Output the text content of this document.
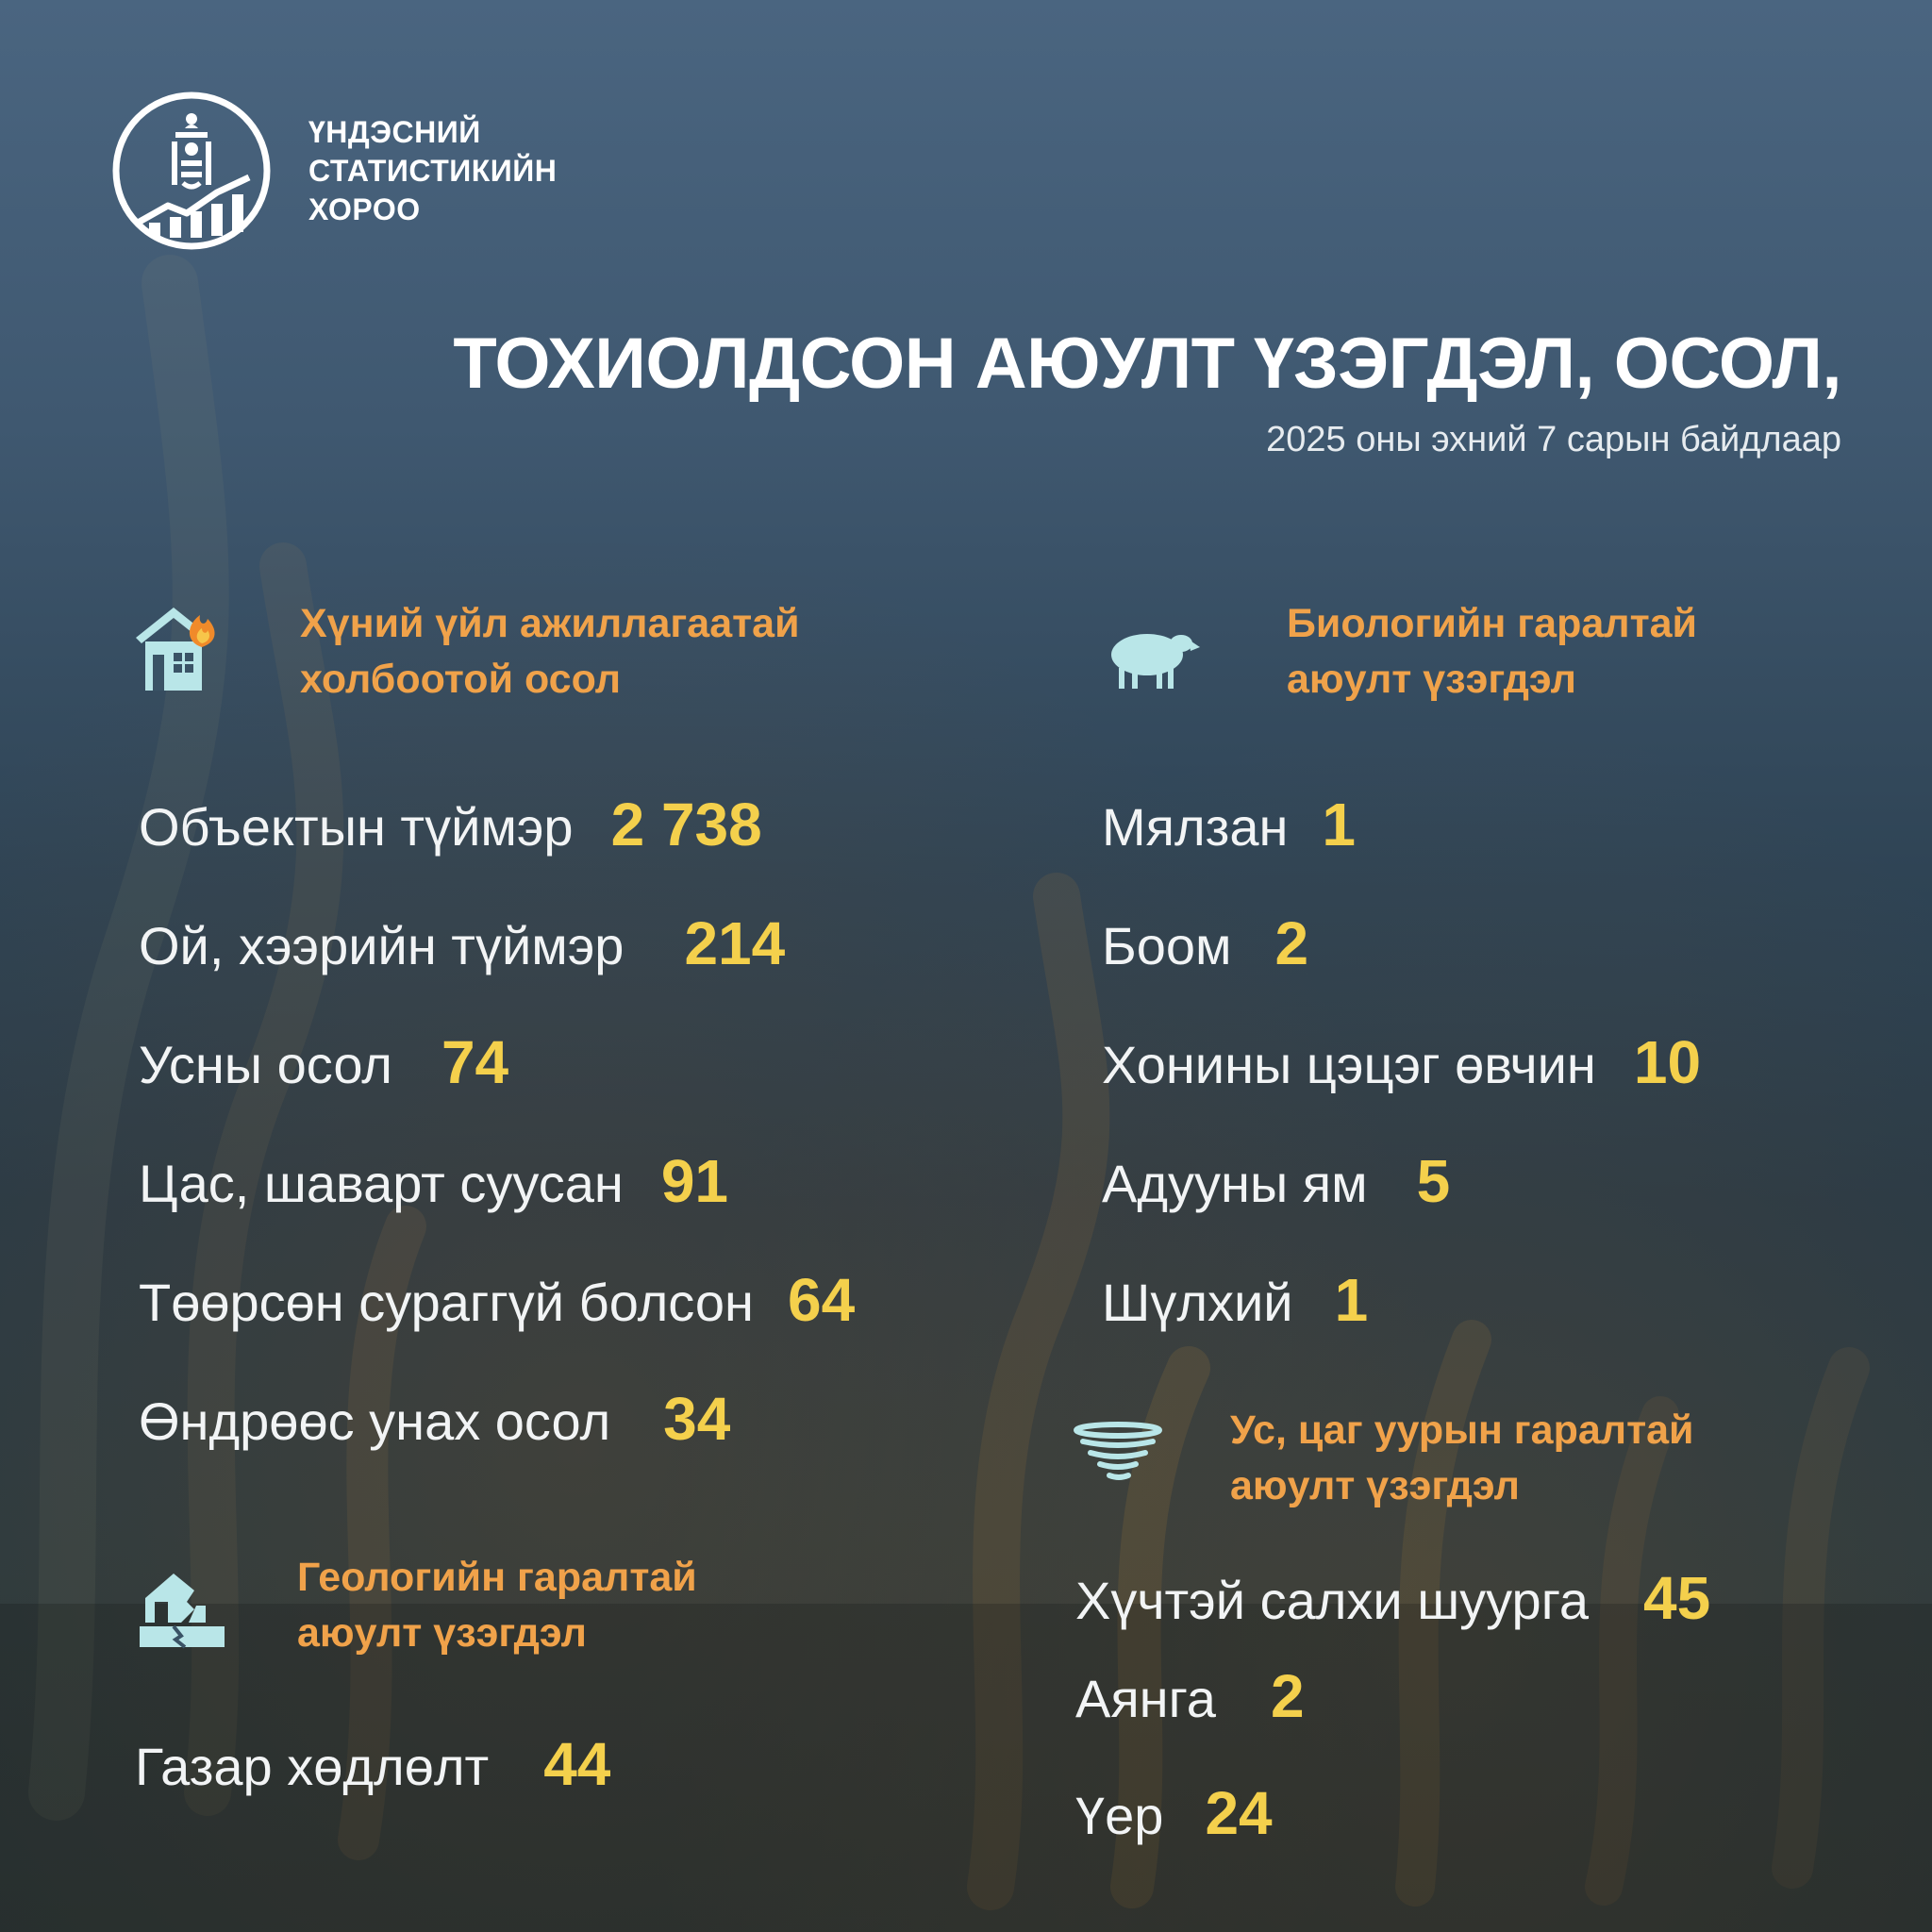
ҮНДЭСНИЙ
СТАТИСТИКИЙН
ХОРОО
ТОХИОЛДСОН АЮУЛТ ҮЗЭГДЭЛ, ОСОЛ,
2025 оны эхний 7 сарын байдлаар
Хүний үйл ажиллагаатай
холбоотой осол
Объектын түймэр 2 738
Ой, хээрийн түймэр 214
Усны осол 74
Цас, шаварт суусан 91
Төөрсөн сураггүй болсон 64
Өндрөөс унах осол 34
Геологийн гаралтай
аюулт үзэгдэл
Газар хөдлөлт 44
Биологийн гаралтай
аюулт үзэгдэл
Мялзан 1
Боом 2
Хонины цэцэг өвчин 10
Адууны ям 5
Шүлхий 1
Ус, цаг уурын гаралтай
аюулт үзэгдэл
Хүчтэй салхи шуурга 45
Аянга 2
Үер 24
